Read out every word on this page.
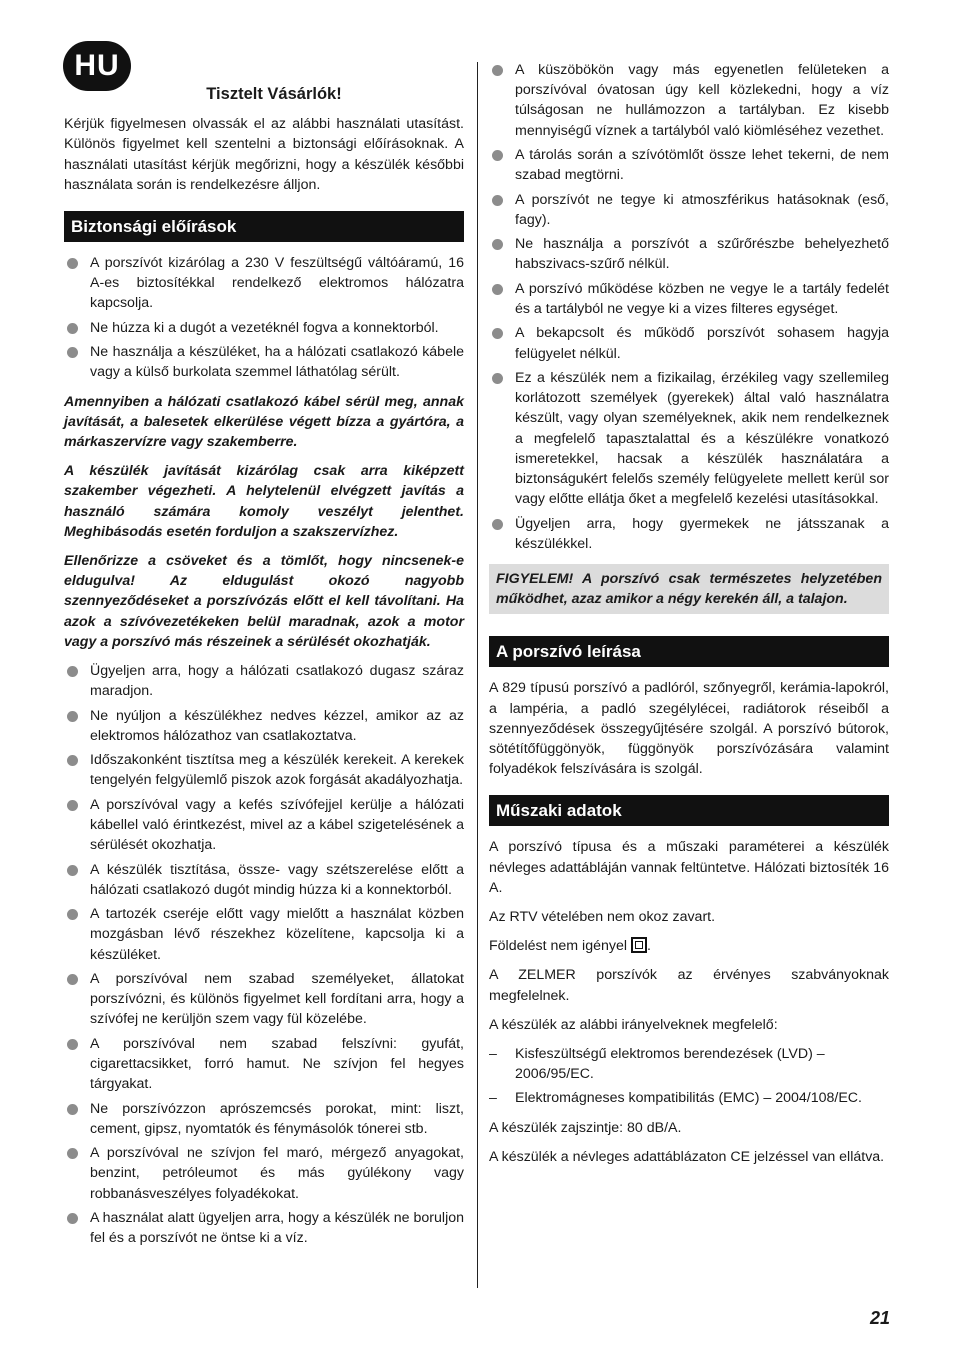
HU
Tisztelt Vásárlók!

Kérjük figyelmesen olvassák el az alábbi használati utasítást. Különös figyelmet kell szentelni a biztonsági előírásoknak. A használati utasítást kérjük megőrizni, hogy a készülék későbbi használata során is rendelkezésre álljon.

Biztonsági előírások
A porszívót kizárólag a 230 V feszültségű váltóáramú, 16 A-es biztosítékkal rendelkező elektromos hálózatra kapcsolja.
Ne húzza ki a dugót a vezetéknél fogva a konnektorból.
Ne használja a készüléket, ha a hálózati csatlakozó kábele vagy a külső burkolata szemmel láthatólag sérült.

Amennyiben a hálózati csatlakozó kábel sérül meg, annak javítását, a balesetek elkerülése végett bízza a gyártóra, a márkaszervízre vagy szakemberre.

A készülék javítását kizárólag csak arra kiképzett szakember végezheti. A helytelenül elvégzett javítás a használó számára komoly veszélyt jelenthet. Meghibásodás esetén forduljon a szakszervízhez.

Ellenőrizze a csöveket és a tömlőt, hogy nincsenek-e eldugulva! Az eldugulást okozó nagyobb szennyeződéseket a porszívózás előtt el kell távolítani. Ha azok a szívóvezetékeken belül maradnak, azok a motor vagy a porszívó más részeinek a sérülését okozhatják.

Ügyeljen arra, hogy a hálózati csatlakozó dugasz száraz maradjon.
Ne nyúljon a készülékhez nedves kézzel, amikor az az elektromos hálózathoz van csatlakoztatva.
Időszakonként tisztítsa meg a készülék kerekeit. A kerekek tengelyén felgyülemlő piszok azok forgását akadályozhatja.
A porszívóval vagy a kefés szívófejjel kerülje a hálózati kábellel való érintkezést, mivel az a kábel szigetelésének a sérülését okozhatja.
A készülék tisztítása, össze- vagy szétszerelése előtt a hálózati csatlakozó dugót mindig húzza ki a konnektorból.
A tartozék cseréje előtt vagy mielőtt a használat közben mozgásban lévő részekhez közelítene, kapcsolja ki a készüléket.
A porszívóval nem szabad személyeket, állatokat porszívózni, és különös figyelmet kell fordítani arra, hogy a szívófej ne kerüljön szem vagy fül közelébe.
A porszívóval nem szabad felszívni: gyufát, cigarettacsikket, forró hamut. Ne szívjon fel hegyes tárgyakat.
Ne porszívózzon aprószemcsés porokat, mint: liszt, cement, gipsz, nyomtatók és fénymásolók tónerei stb.
A porszívóval ne szívjon fel maró, mérgező anyagokat, benzint, petróleumot és más gyúlékony vagy robbanásveszélyes folyadékokat.
A használat alatt ügyeljen arra, hogy a készülék ne boruljon fel és a porszívót ne öntse ki a víz.
A küszöbökön vagy más egyenetlen felületeken a porszívóval óvatosan úgy kell közlekedni, hogy a víz túlságosan ne hullámozzon a tartályban. Ez kisebb mennyiségű víznek a tartályból való kiömléséhez vezethet.
A tárolás során a szívótömlőt össze lehet tekerni, de nem szabad megtörni.
A porszívót ne tegye ki atmoszférikus hatásoknak (eső, fagy).
Ne használja a porszívót a szűrőrészbe behelyezhető habszivacs-szűrő nélkül.
A porszívó működése közben ne vegye le a tartály fedelét és a tartályból ne vegye ki a vizes filteres egységet.
A bekapcsolt és működő porszívót sohasem hagyja felügyelet nélkül.
Ez a készülék nem a fizikailag, érzékileg vagy szellemileg korlátozott személyek (gyerekek) által való használatra készült, vagy olyan személyeknek, akik nem rendelkeznek a megfelelő tapasztalattal és a készülékre vonatkozó ismeretekkel, hacsak a készülék használatára a biztonságukért felelős személy felügyelete mellett kerül sor vagy előtte ellátja őket a megfelelő kezelési utasításokkal.
Ügyeljen arra, hogy gyermekek ne játsszanak a készülékkel.
FIGYELEM! A porszívó csak természetes helyzetében működhet, azaz amikor a négy kerekén áll, a talajon.
A porszívó leírása

A 829 típusú porszívó a padlóról, szőnyegről, kerámia-lapokról, a lampéria, a padló szegélylécei, radiátorok réseiből a szennyeződések összegyűjtésére szolgál. A porszívó bútorok, sötétítőfüggönyök, függönyök porszívózására valamint folyadékok felszívására is szolgál.

Műszaki adatok

A porszívó típusa és a műszaki paraméterei a készülék névleges adattábláján vannak feltüntetve. Hálózati biztosíték 16 A.

Az RTV vételében nem okoz zavart.

Földelést nem igényel .

A ZELMER porszívók az érvényes szabványoknak megfelelnek.

A készülék az alábbi irányelveknek megfelelő:

– Kisfeszültségű elektromos berendezések (LVD) – 2006/95/EC.
– Elektromágneses kompatibilitás (EMC) – 2004/108/EC.

A készülék zajszintje: 80 dB/A.

A készülék a névleges adattáblázaton CE jelzéssel van ellátva.

21
